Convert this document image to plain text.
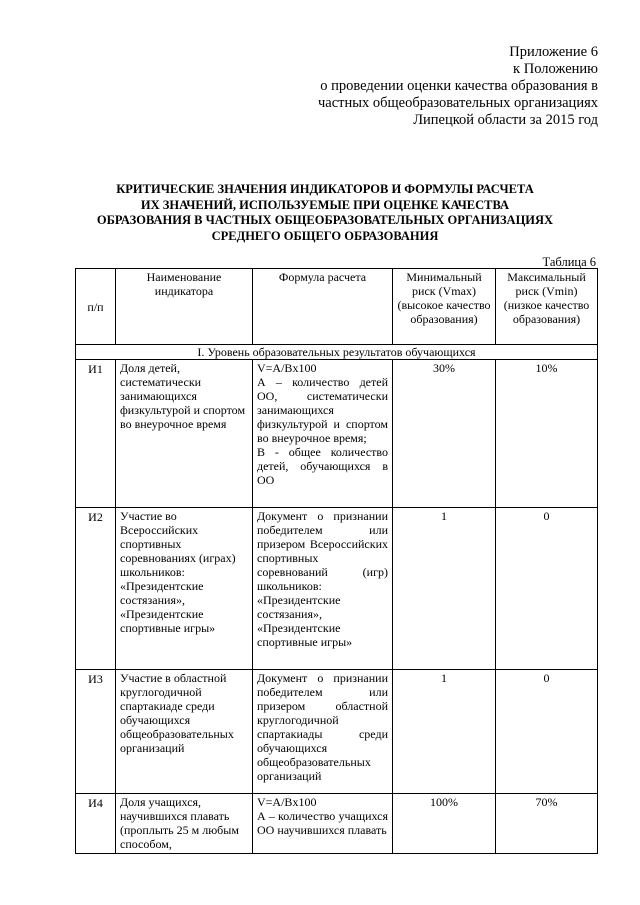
Приложение 6
к Положению
о проведении оценки качества образования в
частных общеобразовательных организациях
Липецкой области за 2015 год
КРИТИЧЕСКИЕ ЗНАЧЕНИЯ ИНДИКАТОРОВ И ФОРМУЛЫ РАСЧЕТА
ИХ ЗНАЧЕНИЙ, ИСПОЛЬЗУЕМЫЕ ПРИ ОЦЕНКЕ КАЧЕСТВА
ОБРАЗОВАНИЯ В ЧАСТНЫХ ОБЩЕОБРАЗОВАТЕЛЬНЫХ ОРГАНИЗАЦИЯХ
СРЕДНЕГО ОБЩЕГО ОБРАЗОВАНИЯ
Таблица 6
п/п	Наименование индикатора	Формула расчета	Минимальный риск (Vmax) (высокое качество образования)	Максимальный риск (Vmin) (низкое качество образования)
I. Уровень образовательных результатов обучающихся				
И1	Доля детей, систематически занимающихся физкультурой и спортом во внеурочное время	V=A/Bx100
А – количество детей ОО, систематически занимающихся физкультурой и спортом во внеурочное время;
В - общее количество детей, обучающихся в ОО	30%	10%
И2	Участие во Всероссийских спортивных соревнованиях (играх) школьников: «Президентские состязания», «Президентские спортивные игры»	Документ о признании победителем или призером Всероссийских спортивных соревнований (игр) школьников: «Президентские состязания», «Президентские спортивные игры»	1	0
И3	Участие в областной круглогодичной спартакиаде среди обучающихся общеобразовательных организаций	Документ о признании победителем или призером областной круглогодичной спартакиады среди обучающихся общеобразовательных организаций	1	0
И4	Доля учащихся, научившихся плавать (проплыть 25 м любым способом,	V=A/Bx100
А – количество учащихся ОО научившихся плавать	100%	70%
